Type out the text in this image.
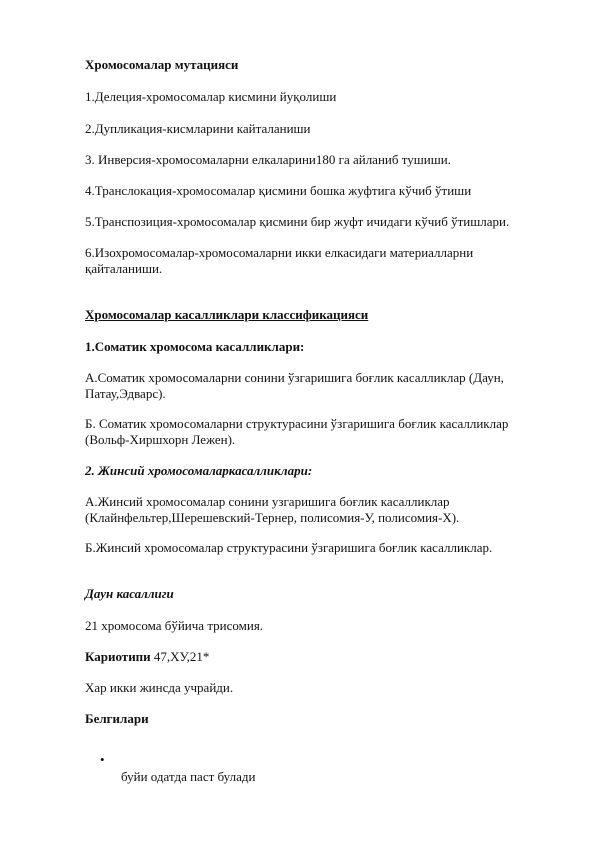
Хромосомалар мутацияси
1.Делеция-хромосомалар кисмини йуқолиши
2.Дупликация-кисмларини кайталаниши
3. Инверсия-хромосомаларни елкаларини180 га айланиб тушиши.
4.Транслокация-хромосомалар қисмини бошка жуфтига кўчиб ўтиши
5.Транспозиция-хромосомалар қисмини бир жуфт ичидаги кўчиб ўтишлари.
6.Изохромосомалар-хромосомаларни икки елкасидаги материалларни қайталаниши.
Хромосомалар касалликлари классификацияси
1.Соматик хромосома касалликлари:
А.Соматик хромосомаларни сонини ўзгаришига боғлик касалликлар (Даун, Патау,Эдварс).
Б. Соматик хромосомаларни структурасини ўзгаришига боғлик касалликлар (Вольф-Хиршхорн Лежен).
2. Жинсий хромосомаларкасалликлари:
А.Жинсий хромосомалар сонини узгаришига боғлик касалликлар (Клайнфельтер,Шерешевский-Тернер, полисомия-У, полисомия-Х).
Б.Жинсий хромосомалар структурасини ўзгаришига боғлик касалликлар.
Даун касаллиги
21 хромосома бўйича трисомия.
Кариотипи 47,ХУ,21*
Хар икки жинсда учрайди.
Белгилари
•
буйи одатда паст булади
